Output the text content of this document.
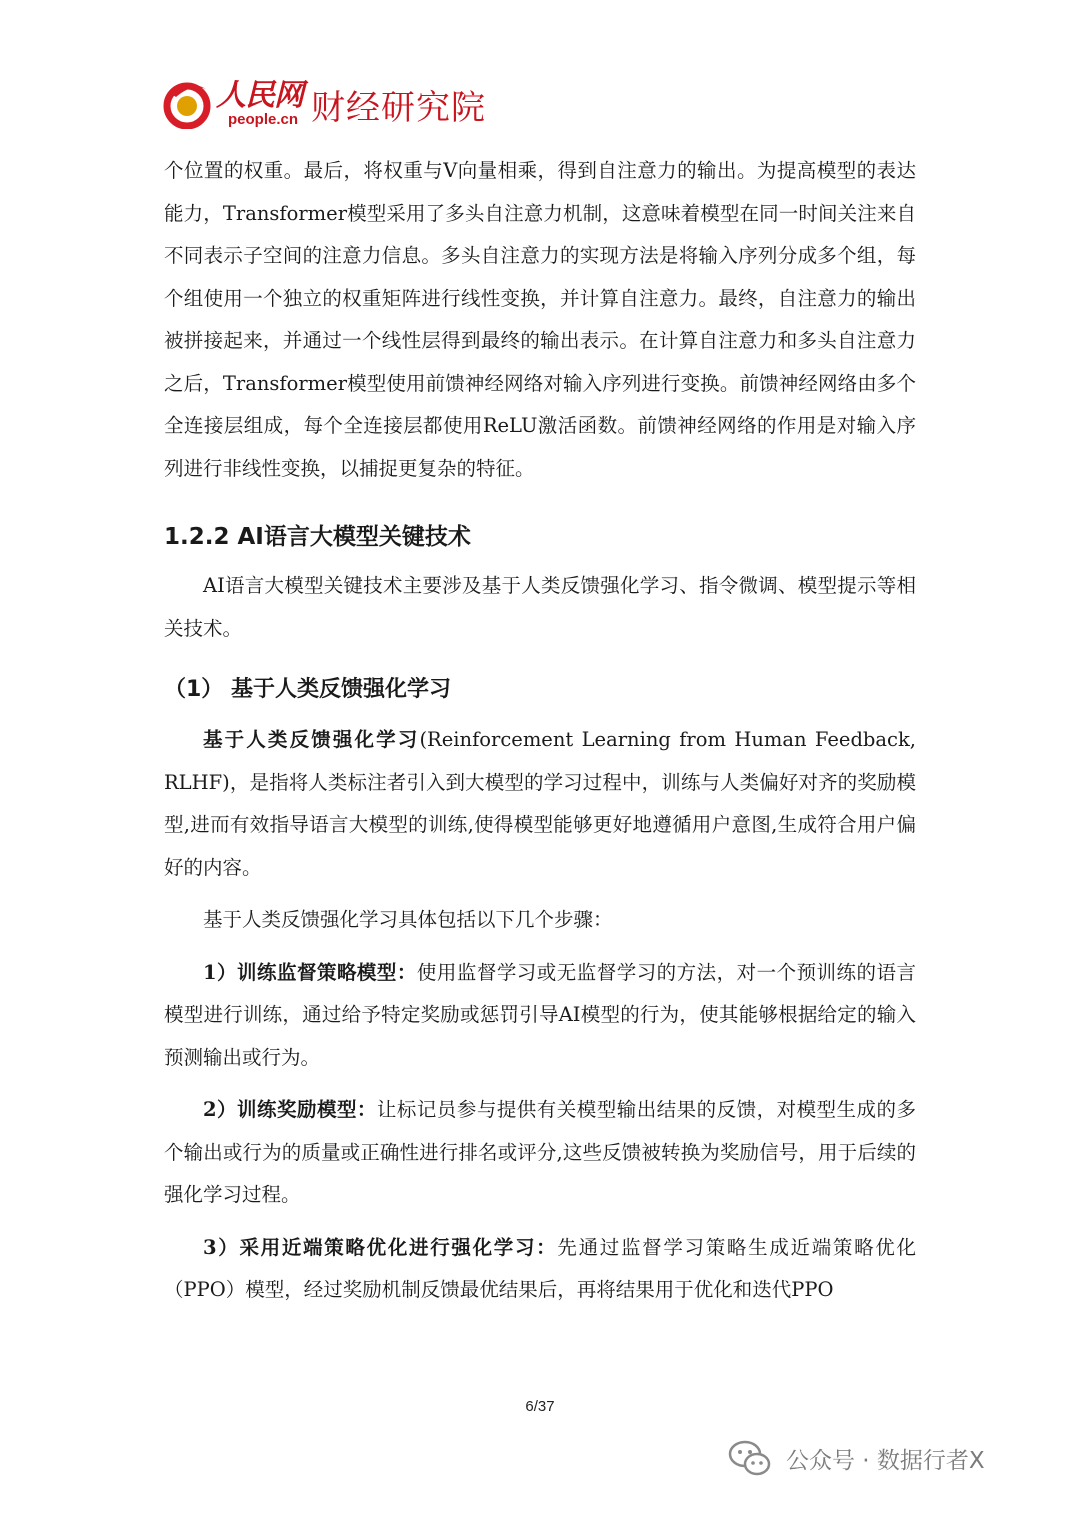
人民网
people.cn 财经研究院

个位置的权重。最后，将权重与V向量相乘，得到自注意力的输出。为提高模型的表达能力，Transformer模型采用了多头自注意力机制，这意味着模型在同一时间关注来自不同表示子空间的注意力信息。多头自注意力的实现方法是将输入序列分成多个组，每个组使用一个独立的权重矩阵进行线性变换，并计算自注意力。最终，自注意力的输出被拼接起来，并通过一个线性层得到最终的输出表示。在计算自注意力和多头自注意力之后，Transformer模型使用前馈神经网络对输入序列进行变换。前馈神经网络由多个全连接层组成，每个全连接层都使用ReLU激活函数。前馈神经网络的作用是对输入序列进行非线性变换，以捕捉更复杂的特征。

1.2.2 AI语言大模型关键技术

AI语言大模型关键技术主要涉及基于人类反馈强化学习、指令微调、模型提示等相关技术。

（1） 基于人类反馈强化学习

基于人类反馈强化学习(Reinforcement Learning from Human Feedback, RLHF)，是指将人类标注者引入到大模型的学习过程中，训练与人类偏好对齐的奖励模型,进而有效指导语言大模型的训练,使得模型能够更好地遵循用户意图,生成符合用户偏好的内容。

基于人类反馈强化学习具体包括以下几个步骤：

1）训练监督策略模型：使用监督学习或无监督学习的方法，对一个预训练的语言模型进行训练，通过给予特定奖励或惩罚引导AI模型的行为，使其能够根据给定的输入预测输出或行为。

2）训练奖励模型：让标记员参与提供有关模型输出结果的反馈，对模型生成的多个输出或行为的质量或正确性进行排名或评分,这些反馈被转换为奖励信号，用于后续的强化学习过程。

3）采用近端策略优化进行强化学习：先通过监督学习策略生成近端策略优化（PPO）模型，经过奖励机制反馈最优结果后，再将结果用于优化和迭代PPO

6/37
公众号 · 数据行者X
